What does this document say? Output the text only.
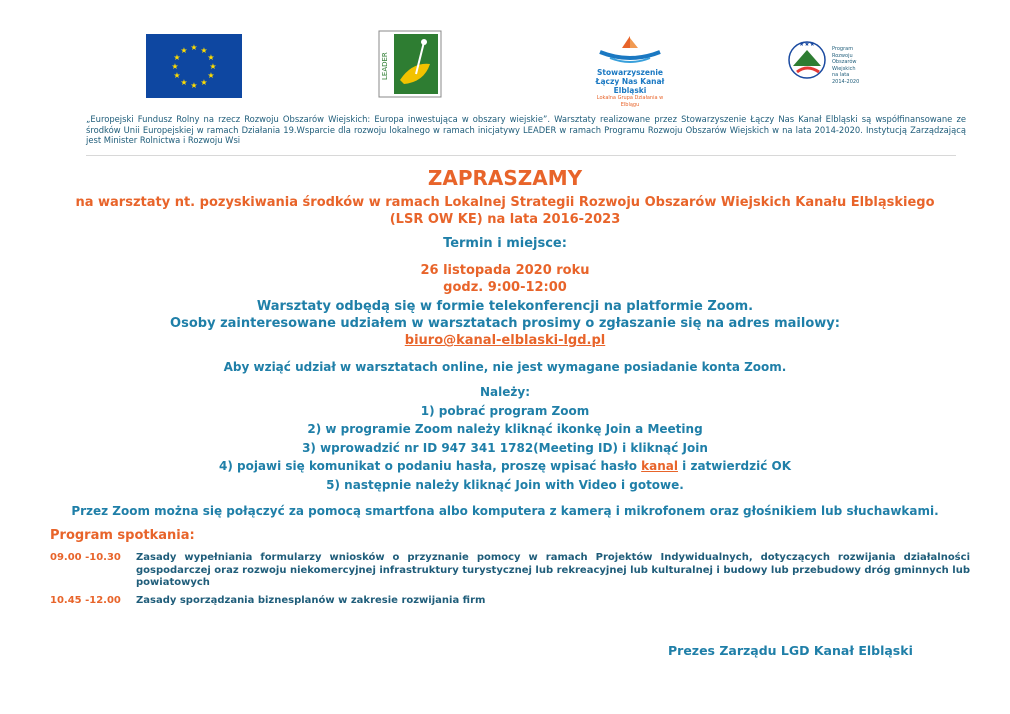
★ ★
★
★
★
★
★
★
★
★
★
★
LEADER	Stowarzyszenie
Łączy Nas Kanał Elbląski
Lokalna Grupa Działania w Elblągu
★★★
Program
Rozwoju
Obszarów
Wiejskich
na lata 2014-2020
„Europejski Fundusz Rolny na rzecz Rozwoju Obszarów Wiejskich: Europa inwestująca w obszary wiejskie”. Warsztaty realizowane przez Stowarzyszenie Łączy Nas Kanał Elbląski są współfinansowane ze środków Unii Europejskiej w ramach Działania 19.Wsparcie dla rozwoju lokalnego w ramach inicjatywy LEADER w ramach Programu Rozwoju Obszarów Wiejskich w na lata 2014-2020. Instytucją Zarządzającą jest Minister Rolnictwa i Rozwoju Wsi
ZAPRASZAMY
na warsztaty nt. pozyskiwania środków w ramach Lokalnej Strategii Rozwoju Obszarów Wiejskich Kanału Elbląskiego
(LSR OW KE) na lata 2016-2023
Termin i miejsce:
26 listopada 2020 roku
godz. 9:00-12:00
Warsztaty odbędą się w formie telekonferencji na platformie Zoom.
Osoby zainteresowane udziałem w warsztatach prosimy o zgłaszanie się na adres mailowy:
biuro@kanal-elblaski-lgd.pl
Aby wziąć udział w warsztatach online, nie jest wymagane posiadanie konta Zoom.
Należy:
1) pobrać program Zoom
2) w programie Zoom należy kliknąć ikonkę Join a Meeting
3) wprowadzić nr ID 947 341 1782(Meeting ID) i kliknąć Join
4) pojawi się komunikat o podaniu hasła, proszę wpisać hasło kanal i zatwierdzić OK
5) następnie należy kliknąć Join with Video i gotowe.
Przez Zoom można się połączyć za pomocą smartfona albo komputera z kamerą i mikrofonem oraz głośnikiem lub słuchawkami.
Program spotkania:
09.00 -10.30	Zasady wypełniania formularzy wniosków o przyznanie pomocy w ramach Projektów Indywidualnych, dotyczących rozwijania działalności gospodarczej oraz rozwoju niekomercyjnej infrastruktury turystycznej lub rekreacyjnej lub kulturalnej i budowy lub przebudowy dróg gminnych lub powiatowych
10.45 -12.00	Zasady sporządzania biznesplanów w zakresie rozwijania firm
Prezes Zarządu LGD Kanał Elbląski
